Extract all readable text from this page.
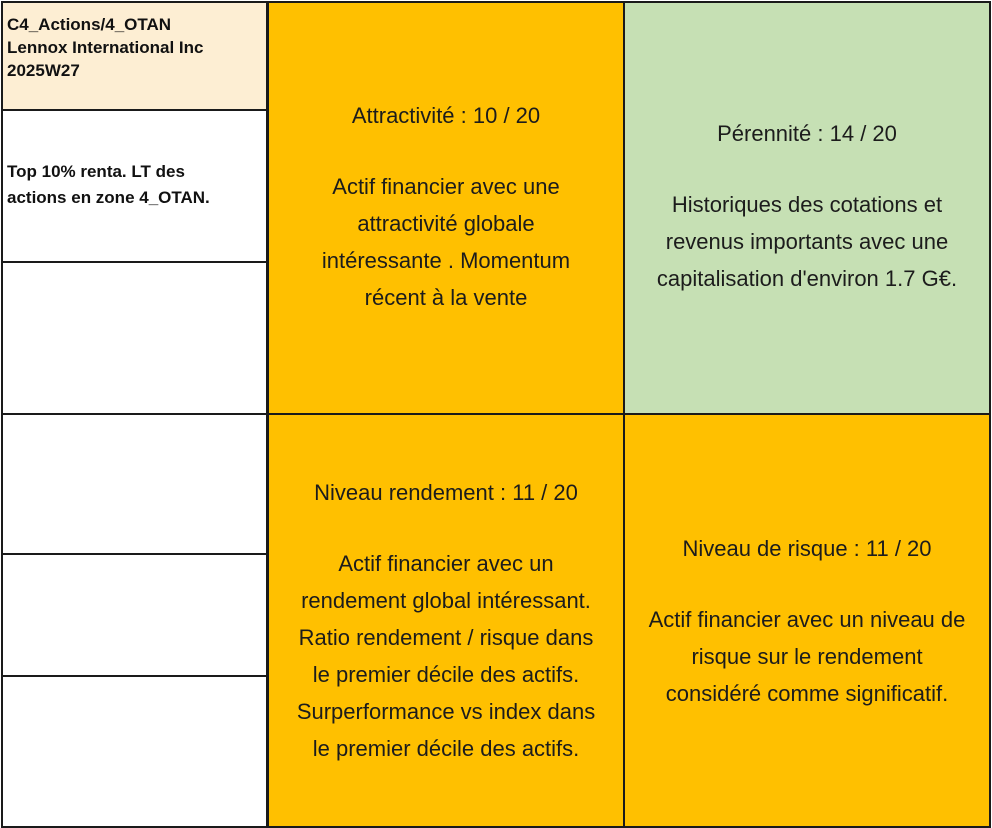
C4_Actions/4_OTAN
Lennox International Inc
2025W27
Top 10% renta. LT des
actions en zone 4_OTAN.
Attractivité : 10 / 20
Actif financier avec une
attractivité globale
intéressante . Momentum
récent à la vente
Pérennité : 14 / 20
Historiques des cotations et
revenus importants avec une
capitalisation d'environ 1.7 G€.
Niveau rendement : 11 / 20
Actif financier avec un
rendement global intéressant.
Ratio rendement / risque dans
le premier décile des actifs.
Surperformance vs index dans
le premier décile des actifs.
Niveau de risque : 11 / 20
Actif financier avec un niveau de
risque sur le rendement
considéré comme significatif.
